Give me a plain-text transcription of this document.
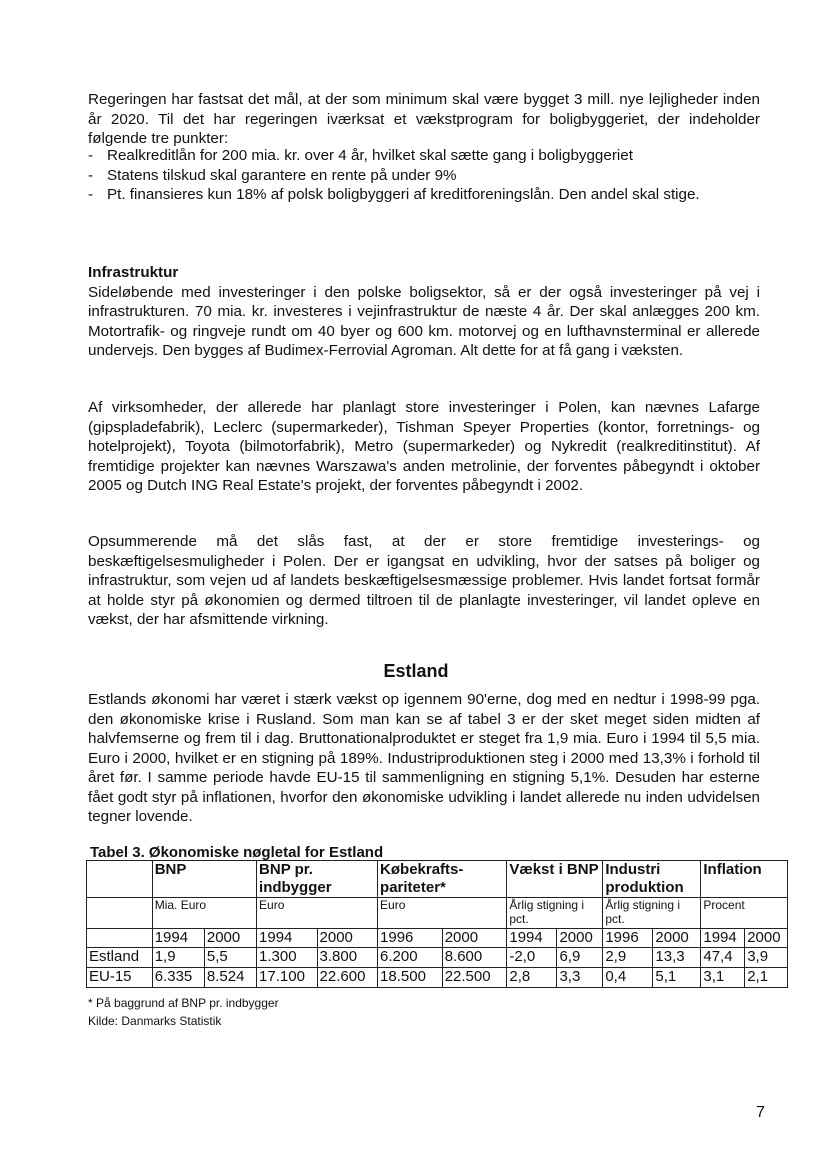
Regeringen har fastsat det mål, at der som minimum skal være bygget 3 mill. nye lejligheder inden år 2020. Til det har regeringen iværksat et vækstprogram for boligbyggeriet, der indeholder følgende tre punkter:

- Realkreditlån for 200 mia. kr. over 4 år, hvilket skal sætte gang i boligbyggeriet
- Statens tilskud skal garantere en rente på under 9%
- Pt. finansieres kun 18% af polsk boligbyggeri af kreditforeningslån. Den andel skal stige.
Infrastruktur
Sideløbende med investeringer i den polske boligsektor, så er der også investeringer på vej i infrastrukturen. 70 mia. kr. investeres i vejinfrastruktur de næste 4 år. Der skal anlægges 200 km. Motortrafik- og ringveje rundt om 40 byer og 600 km. motorvej og en lufthavnsterminal er allerede undervejs. Den bygges af Budimex-Ferrovial Agroman. Alt dette for at få gang i væksten.

Af virksomheder, der allerede har planlagt store investeringer i Polen, kan nævnes Lafarge (gipspladefabrik), Leclerc (supermarkeder), Tishman Speyer Properties (kontor, forretnings- og hotelprojekt), Toyota (bilmotorfabrik), Metro (supermarkeder) og Nykredit (realkreditinstitut). Af fremtidige projekter kan nævnes Warszawa's anden metrolinie, der forventes påbegyndt i oktober 2005 og Dutch ING Real Estate's projekt, der forventes påbegyndt i 2002.

Opsummerende må det slås fast, at der er store fremtidige investerings- og beskæftigelsesmuligheder i Polen. Der er igangsat en udvikling, hvor der satses på boliger og infrastruktur, som vejen ud af landets beskæftigelsesmæssige problemer. Hvis landet fortsat formår at holde styr på økonomien og dermed tiltroen til de planlagte investeringer, vil landet opleve en vækst, der har afsmittende virkning.

Estland

Estlands økonomi har været i stærk vækst op igennem 90'erne, dog med en nedtur i 1998-99 pga. den økonomiske krise i Rusland. Som man kan se af tabel 3 er der sket meget siden midten af halvfemserne og frem til i dag. Bruttonationalproduktet er steget fra 1,9 mia. Euro i 1994 til 5,5 mia. Euro i 2000, hvilket er en stigning på 189%. Industriproduktionen steg i 2000 med 13,3% i forhold til året før. I samme periode havde EU-15 til sammenligning en stigning 5,1%. Desuden har esterne fået godt styr på inflationen, hvorfor den økonomiske udvikling i landet allerede nu inden udvidelsen tegner lovende.

Tabel 3. Økonomiske nøgletal for Estland
	BNP		BNP pr. indbygger		Købekrafts-pariteter*		Vækst i BNP		Industri produktion		Inflation	
	Mia. Euro		Euro		Euro		Årlig stigning i pct.		Årlig stigning i pct.		Procent	
	1994	2000	1994	2000	1996	2000	1994	2000	1996	2000	1994	2000
Estland	1,9	5,5	1.300	3.800	6.200	8.600	-2,0	6,9	2,9	13,3	47,4	3,9
EU-15	6.335	8.524	17.100	22.600	18.500	22.500	2,8	3,3	0,4	5,1	3,1	2,1
* På baggrund af BNP pr. indbygger
Kilde: Danmarks Statistik
7
